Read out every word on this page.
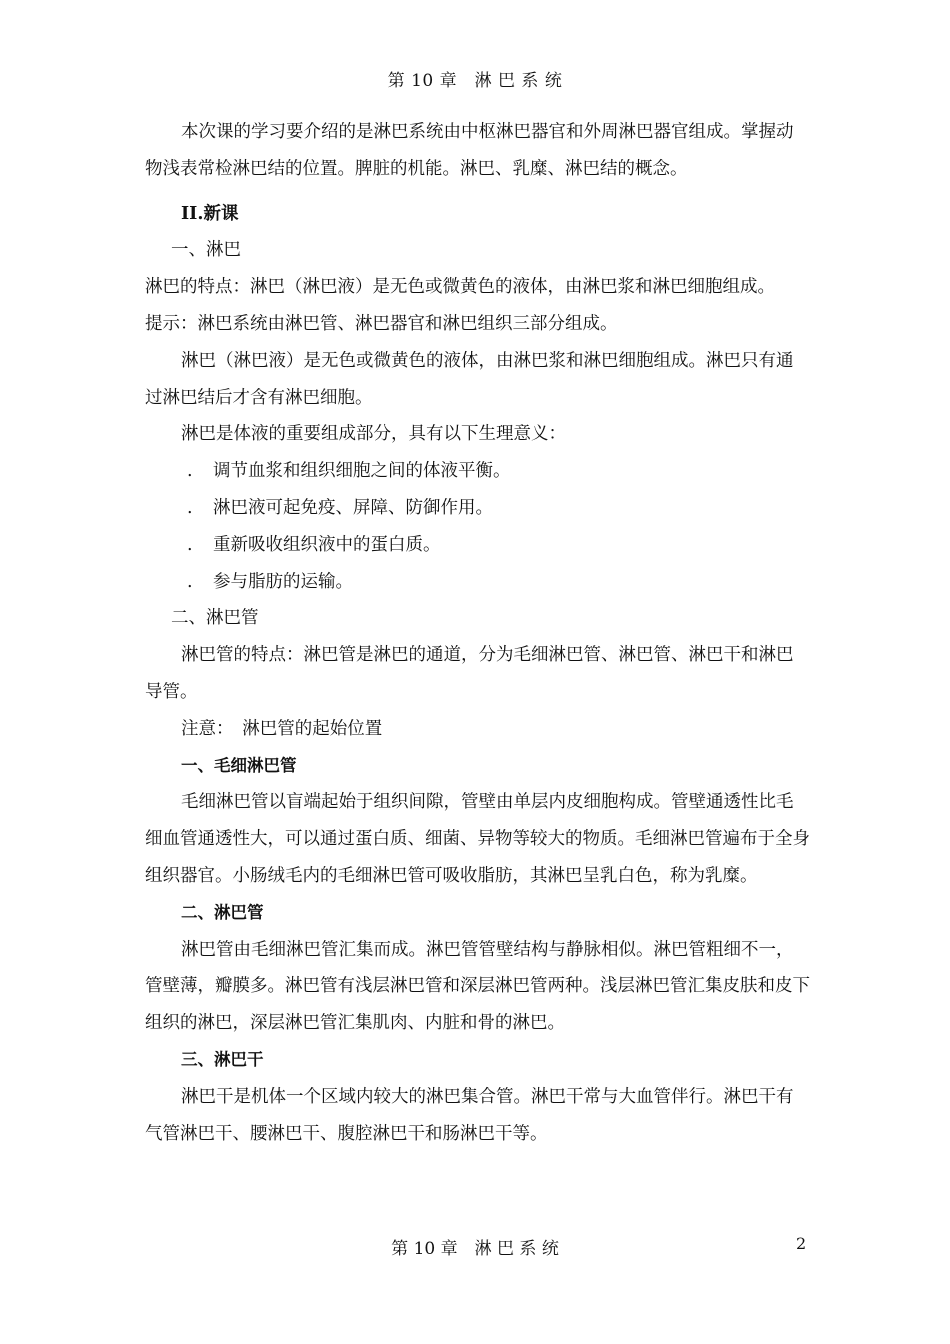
第 10 章　淋 巴 系 统

本次课的学习要介绍的是淋巴系统由中枢淋巴器官和外周淋巴器官组成。掌握动物浅表常检淋巴结的位置。脾脏的机能。淋巴、乳糜、淋巴结的概念。

II.新课

一、淋巴

淋巴的特点：淋巴（淋巴液）是无色或微黄色的液体，由淋巴浆和淋巴细胞组成。

提示：淋巴系统由淋巴管、淋巴器官和淋巴组织三部分组成。

淋巴（淋巴液）是无色或微黄色的液体，由淋巴浆和淋巴细胞组成。淋巴只有通过淋巴结后才含有淋巴细胞。

淋巴是体液的重要组成部分，具有以下生理意义：

. 调节血浆和组织细胞之间的体液平衡。

. 淋巴液可起免疫、屏障、防御作用。

. 重新吸收组织液中的蛋白质。

. 参与脂肪的运输。

二、淋巴管

淋巴管的特点：淋巴管是淋巴的通道，分为毛细淋巴管、淋巴管、淋巴干和淋巴导管。

注意：　淋巴管的起始位置

一、毛细淋巴管

毛细淋巴管以盲端起始于组织间隙，管壁由单层内皮细胞构成。管壁通透性比毛细血管通透性大，可以通过蛋白质、细菌、异物等较大的物质。毛细淋巴管遍布于全身组织器官。小肠绒毛内的毛细淋巴管可吸收脂肪，其淋巴呈乳白色，称为乳糜。

二、淋巴管

淋巴管由毛细淋巴管汇集而成。淋巴管管壁结构与静脉相似。淋巴管粗细不一，管壁薄，瓣膜多。淋巴管有浅层淋巴管和深层淋巴管两种。浅层淋巴管汇集皮肤和皮下组织的淋巴，深层淋巴管汇集肌肉、内脏和骨的淋巴。

三、淋巴干

淋巴干是机体一个区域内较大的淋巴集合管。淋巴干常与大血管伴行。淋巴干有气管淋巴干、腰淋巴干、腹腔淋巴干和肠淋巴干等。

第 10 章　淋 巴 系 统	2
